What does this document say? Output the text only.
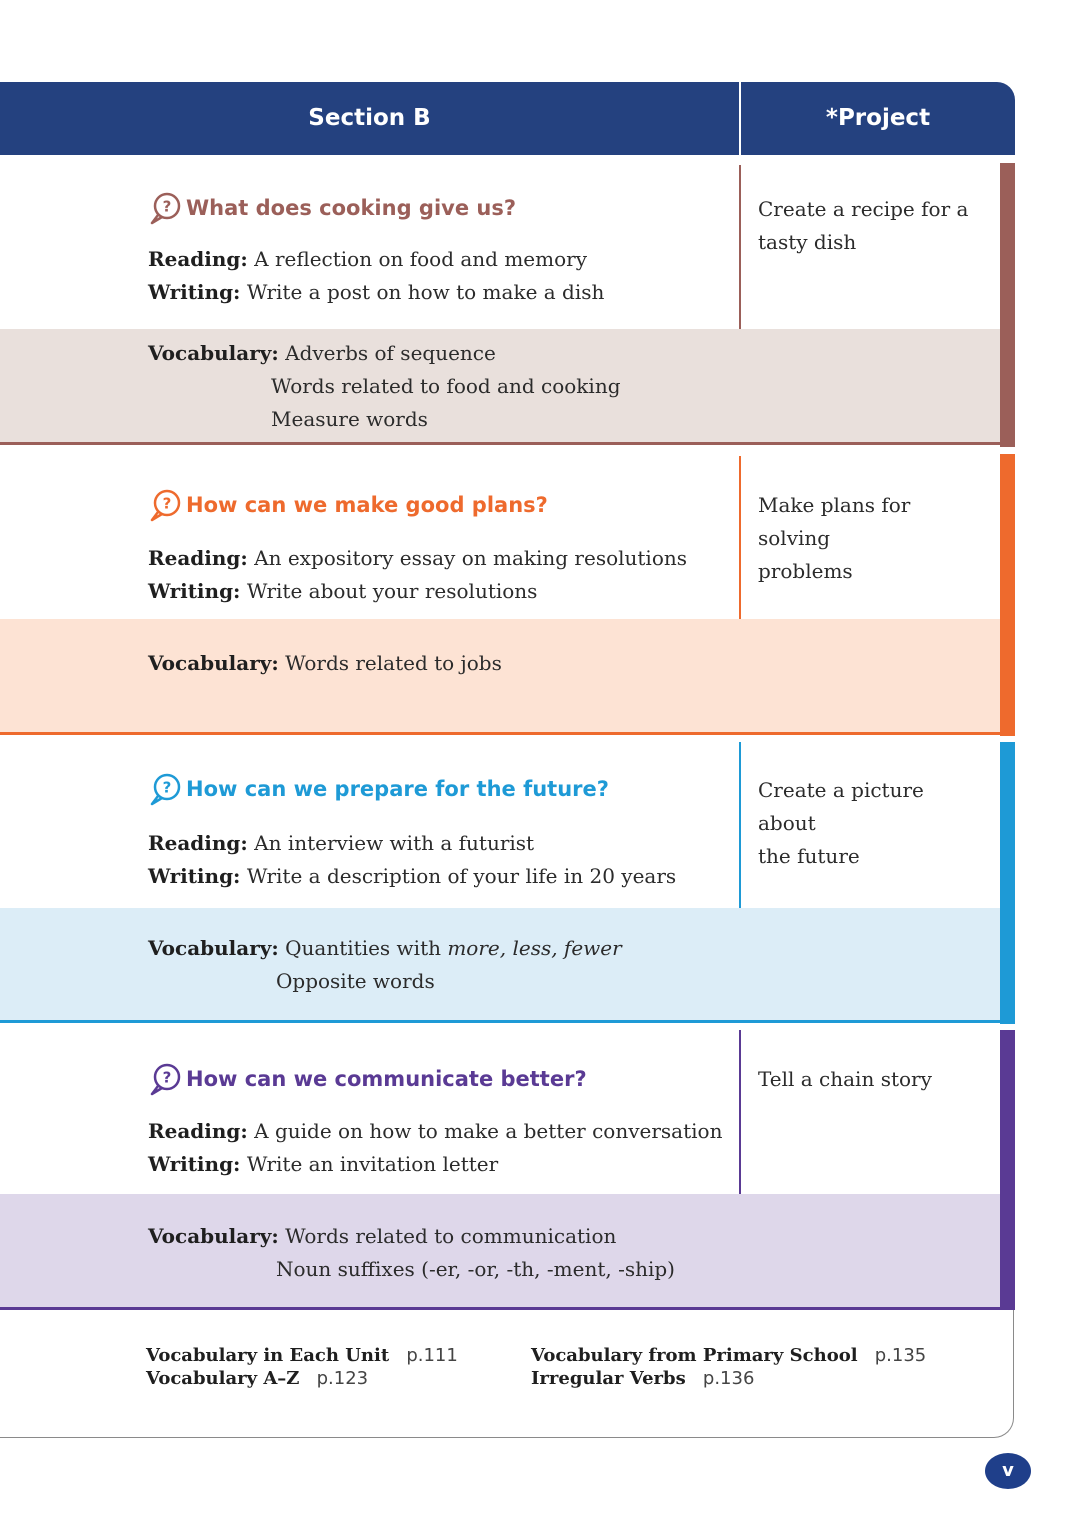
Section B	*Project
? What does cooking give us?
Reading: A reflection on food and memory
Writing: Write a post on how to make a dish
Vocabulary: Adverbs of sequence
Words related to food and cooking
Measure words
Create a recipe for a
tasty dish
? How can we make good plans?
Reading: An expository essay on making resolutions
Writing: Write about your resolutions
Vocabulary: Words related to jobs
Make plans for solving
problems
? How can we prepare for the future?
Reading: An interview with a futurist
Writing: Write a description of your life in 20 years
Vocabulary: Quantities with more, less, fewer
Opposite words
Create a picture about
the future
? How can we communicate better?
Reading: A guide on how to make a better conversation
Writing: Write an invitation letter
Vocabulary: Words related to communication
Noun suffixes (-er, -or, -th, -ment, -ship)
Tell a chain story
Vocabulary in Each Unit p.111
Vocabulary A–Z p.123
Vocabulary from Primary School p.135
Irregular Verbs p.136
v
